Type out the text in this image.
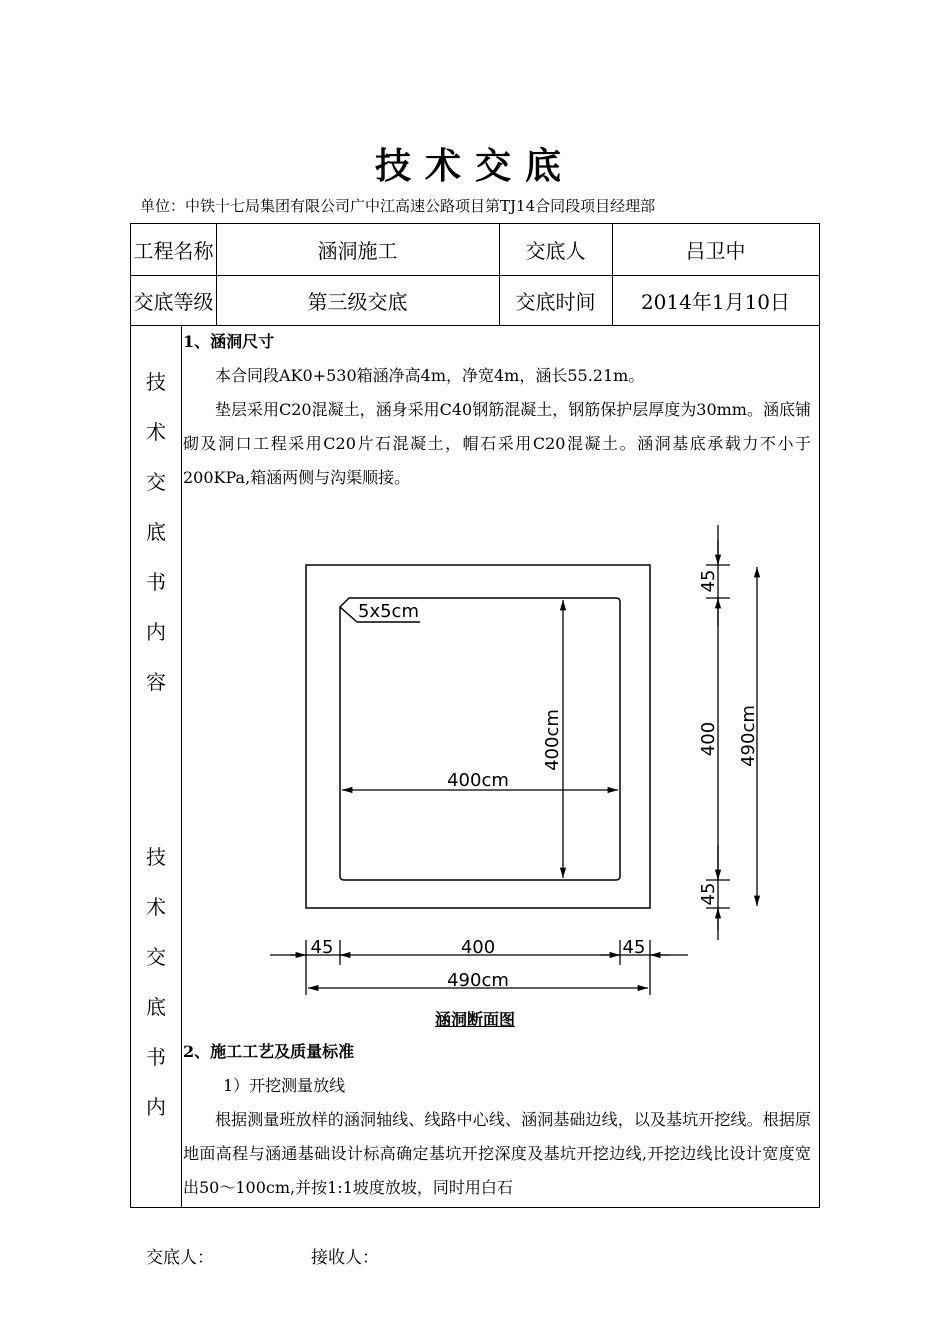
技术交底
单位：中铁十七局集团有限公司广中江高速公路项目第TJ14合同段项目经理部
工程名称	涵洞施工	交底人	吕卫中
交底等级	第三级交底	交底时间	2014年1月10日
技
术
交
底
书
内
容
技
术
交
底
书
内
1、涵洞尺寸
本合同段AK0+530箱涵净高4m，净宽4m，涵长55.21m。
垫层采用C20混凝土，涵身采用C40钢筋混凝土，钢筋保护层厚度为30mm。涵底铺砌及洞口工程采用C20片石混凝土，帽石采用C20混凝土。涵洞基底承载力不小于200KPa,箱涵两侧与沟渠顺接。
2、施工工艺及质量标准
1）开挖测量放线
根据测量班放样的涵洞轴线、线路中心线、涵洞基础边线，以及基坑开挖线。根据原地面高程与涵通基础设计标高确定基坑开挖深度及基坑开挖边线,开挖边线比设计宽度宽出50～100cm,并按1:1坡度放坡，同时用白石
5x5cm
400cm
400cm
45
400
45
490cm
45	400	45
490cm
涵洞断面图
交底人：	接收人：
